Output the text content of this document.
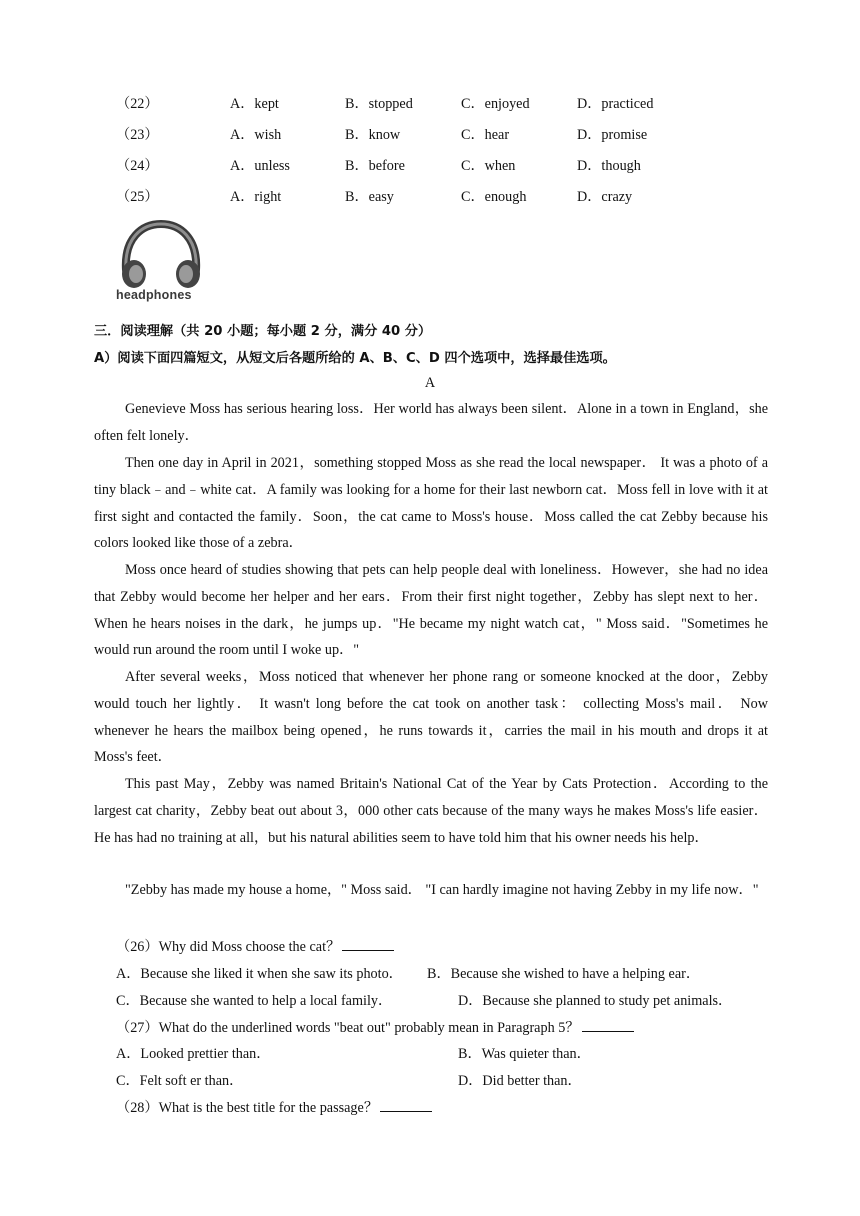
（22）	A．kept	B．stopped	C．enjoyed	D．practiced
（23）	A．wish	B．know	C．hear	D．promise
（24）	A．unless	B．before	C．when	D．though
（25）	A．right	B．easy	C．enough	D．crazy
headphones
三．阅读理解（共 20 小题；每小题 2 分，满分 40 分）
A）阅读下面四篇短文，从短文后各题所给的 A、B、C、D 四个选项中，选择最佳选项。
A

Genevieve Moss has serious hearing loss．Her world has always been silent．Alone in a town in England，she often felt lonely．

Then one day in April in 2021，something stopped Moss as she read the local newspaper． It was a photo of a tiny black﹣and﹣white cat．A family was looking for a home for their last newborn cat．Moss fell in love with it at first sight and contacted the family．Soon，the cat came to Moss's house．Moss called the cat Zebby because his colors looked like those of a zebra．

Moss once heard of studies showing that pets can help people deal with loneliness．However，she had no idea that Zebby would become her helper and her ears．From their first night together，Zebby has slept next to her．When he hears noises in the dark，he jumps up．"He became my night watch cat，" Moss said．"Sometimes he would run around the room until I woke up．"

After several weeks，Moss noticed that whenever her phone rang or someone knocked at the door，Zebby would touch her lightly． It wasn't long before the cat took on another task： collecting Moss's mail． Now whenever he hears the mailbox being opened，he runs towards it，carries the mail in his mouth and drops it at Moss's feet．

This past May，Zebby was named Britain's National Cat of the Year by Cats Protection．According to the largest cat charity，Zebby beat out about 3，000 other cats because of the many ways he makes Moss's life easier． He has had no training at all，but his natural abilities seem to have told him that his owner needs his help．

"Zebby has made my house a home，" Moss said． "I can hardly imagine not having Zebby in my life now．"

（26）Why did Moss choose the cat？
A．Because she liked it when she saw its photo． B．Because she wished to have a helping ear．
C．Because she wanted to help a local family．	D．Because she planned to study pet animals．
（27）What do the underlined words "beat out" probably mean in Paragraph 5？
A．Looked prettier than．	B．Was quieter than．
C．Felt soft er than．	D．Did better than．
（28）What is the best title for the passage？
